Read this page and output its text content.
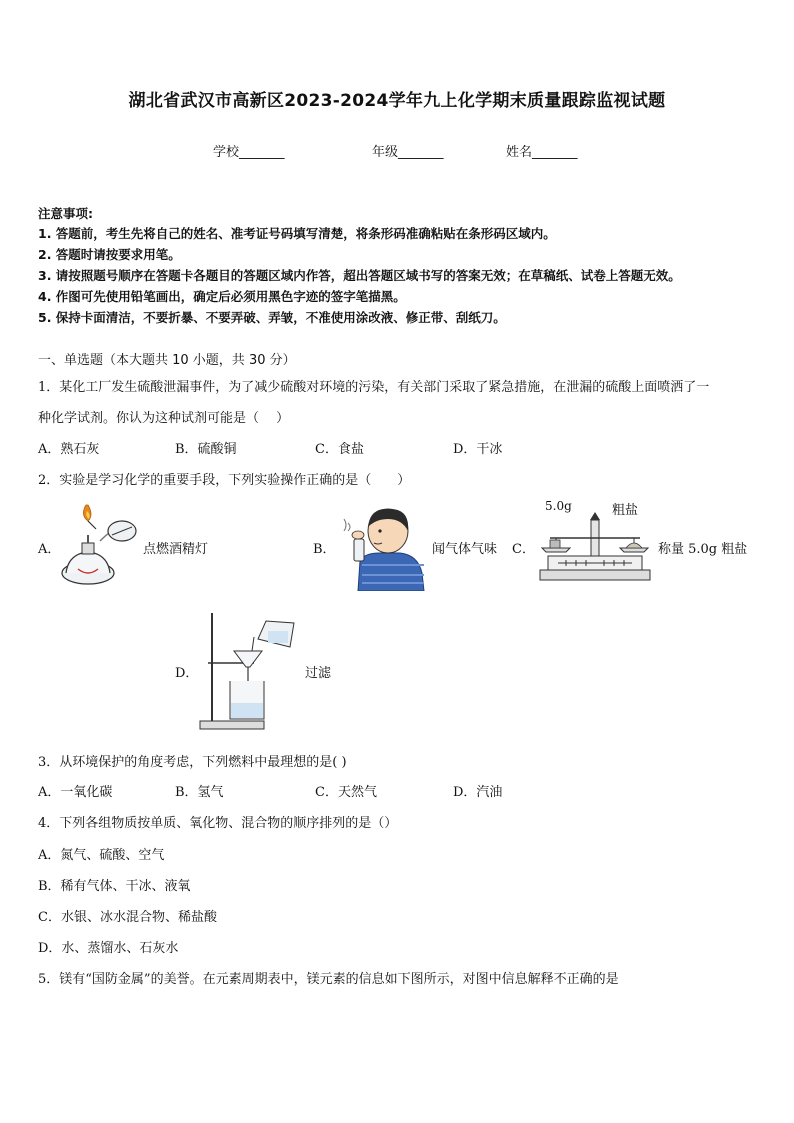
湖北省武汉市高新区2023-2024学年九上化学期末质量跟踪监视试题
学校_______	年级_______	姓名_______
注意事项:
1. 答题前，考生先将自己的姓名、准考证号码填写清楚，将条形码准确粘贴在条形码区域内。
2. 答题时请按要求用笔。
3. 请按照题号顺序在答题卡各题目的答题区域内作答，超出答题区域书写的答案无效；在草稿纸、试卷上答题无效。
4. 作图可先使用铅笔画出，确定后必须用黑色字迹的签字笔描黑。
5. 保持卡面清洁，不要折暴、不要弄破、弄皱，不准使用涂改液、修正带、刮纸刀。
一、单选题（本大题共 10 小题，共 30 分）
1．某化工厂发生硫酸泄漏事件，为了减少硫酸对环境的污染，有关部门采取了紧急措施，在泄漏的硫酸上面喷洒了一
种化学试剂。你认为这种试剂可能是（　 ）
A．熟石灰	B．硫酸铜	C．食盐	D．干冰
2．实验是学习化学的重要手段，下列实验操作正确的是（　　）
A．	点燃酒精灯	B．	闻气体气味 C．
5.0g	粗盐
称量 5.0g 粗盐
D．	过滤
3．从环境保护的角度考虑，下列燃料中最理想的是( )
A．一氧化碳	B．氢气	C．天然气	D．汽油
4．下列各组物质按单质、氧化物、混合物的顺序排列的是（）
A．氮气、硫酸、空气
B．稀有气体、干冰、液氧
C．水银、冰水混合物、稀盐酸
D．水、蒸馏水、石灰水
5．镁有“国防金属”的美誉。在元素周期表中，镁元素的信息如下图所示，对图中信息解释不正确的是
